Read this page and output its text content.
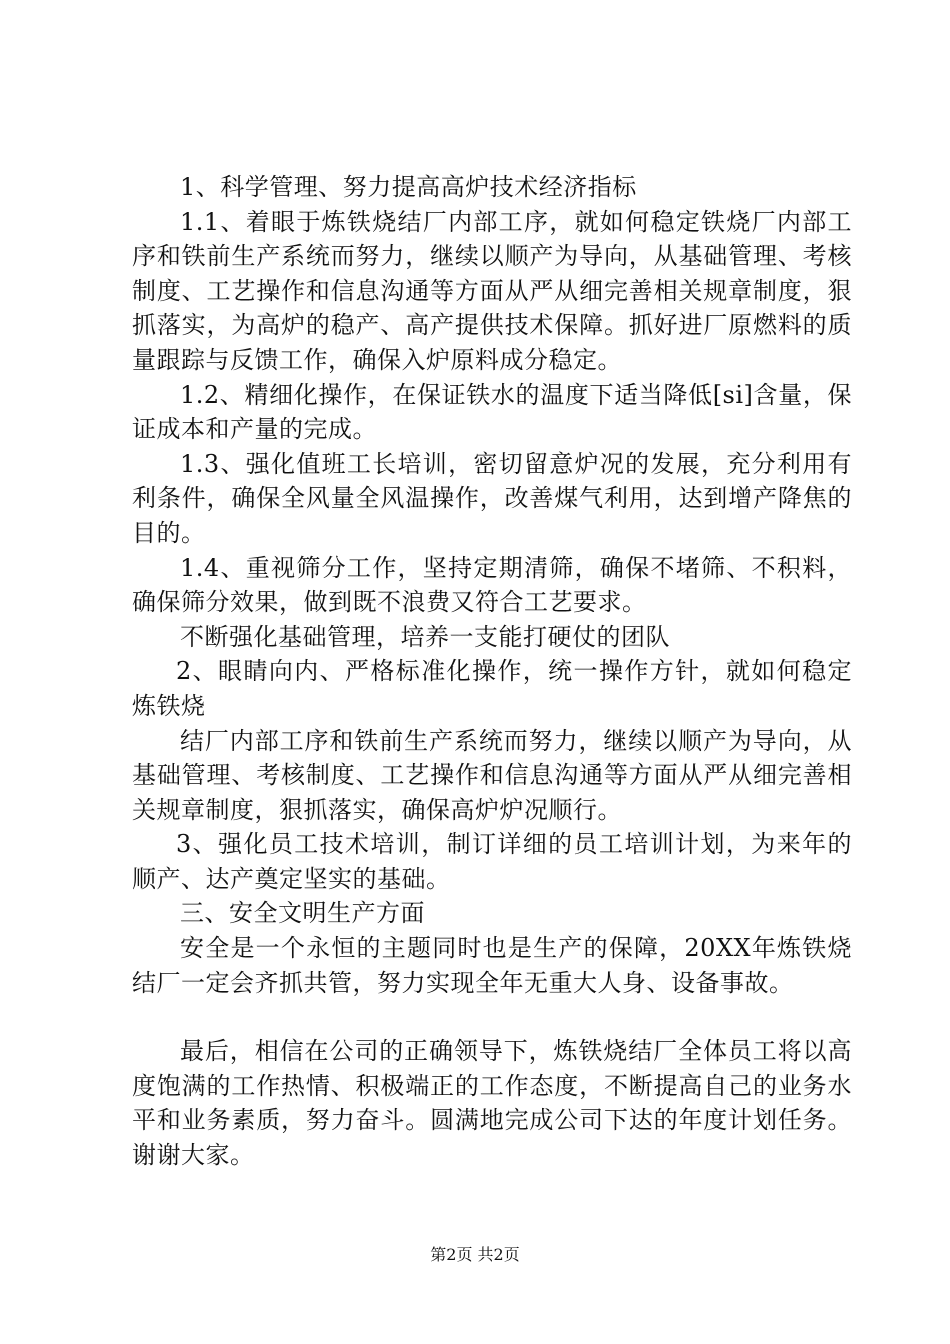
1、科学管理、努力提高高炉技术经济指标

1.1、着眼于炼铁烧结厂内部工序，就如何稳定铁烧厂内部工序和铁前生产系统而努力，继续以顺产为导向，从基础管理、考核制度、工艺操作和信息沟通等方面从严从细完善相关规章制度，狠抓落实，为高炉的稳产、高产提供技术保障。抓好进厂原燃料的质量跟踪与反馈工作，确保入炉原料成分稳定。

1.2、精细化操作，在保证铁水的温度下适当降低[si]含量，保证成本和产量的完成。

1.3、强化值班工长培训，密切留意炉况的发展，充分利用有利条件，确保全风量全风温操作，改善煤气利用，达到增产降焦的目的。

1.4、重视筛分工作，坚持定期清筛，确保不堵筛、不积料，确保筛分效果，做到既不浪费又符合工艺要求。

不断强化基础管理，培养一支能打硬仗的团队

2、眼睛向内、严格标准化操作，统一操作方针，就如何稳定炼铁烧

结厂内部工序和铁前生产系统而努力，继续以顺产为导向，从基础管理、考核制度、工艺操作和信息沟通等方面从严从细完善相关规章制度，狠抓落实，确保高炉炉况顺行。

3、强化员工技术培训，制订详细的员工培训计划，为来年的顺产、达产奠定坚实的基础。

三、安全文明生产方面

安全是一个永恒的主题同时也是生产的保障，20XX年炼铁烧结厂一定会齐抓共管，努力实现全年无重大人身、设备事故。

最后，相信在公司的正确领导下，炼铁烧结厂全体员工将以高度饱满的工作热情、积极端正的工作态度，不断提高自己的业务水平和业务素质，努力奋斗。圆满地完成公司下达的年度计划任务。谢谢大家。

第2页 共2页
